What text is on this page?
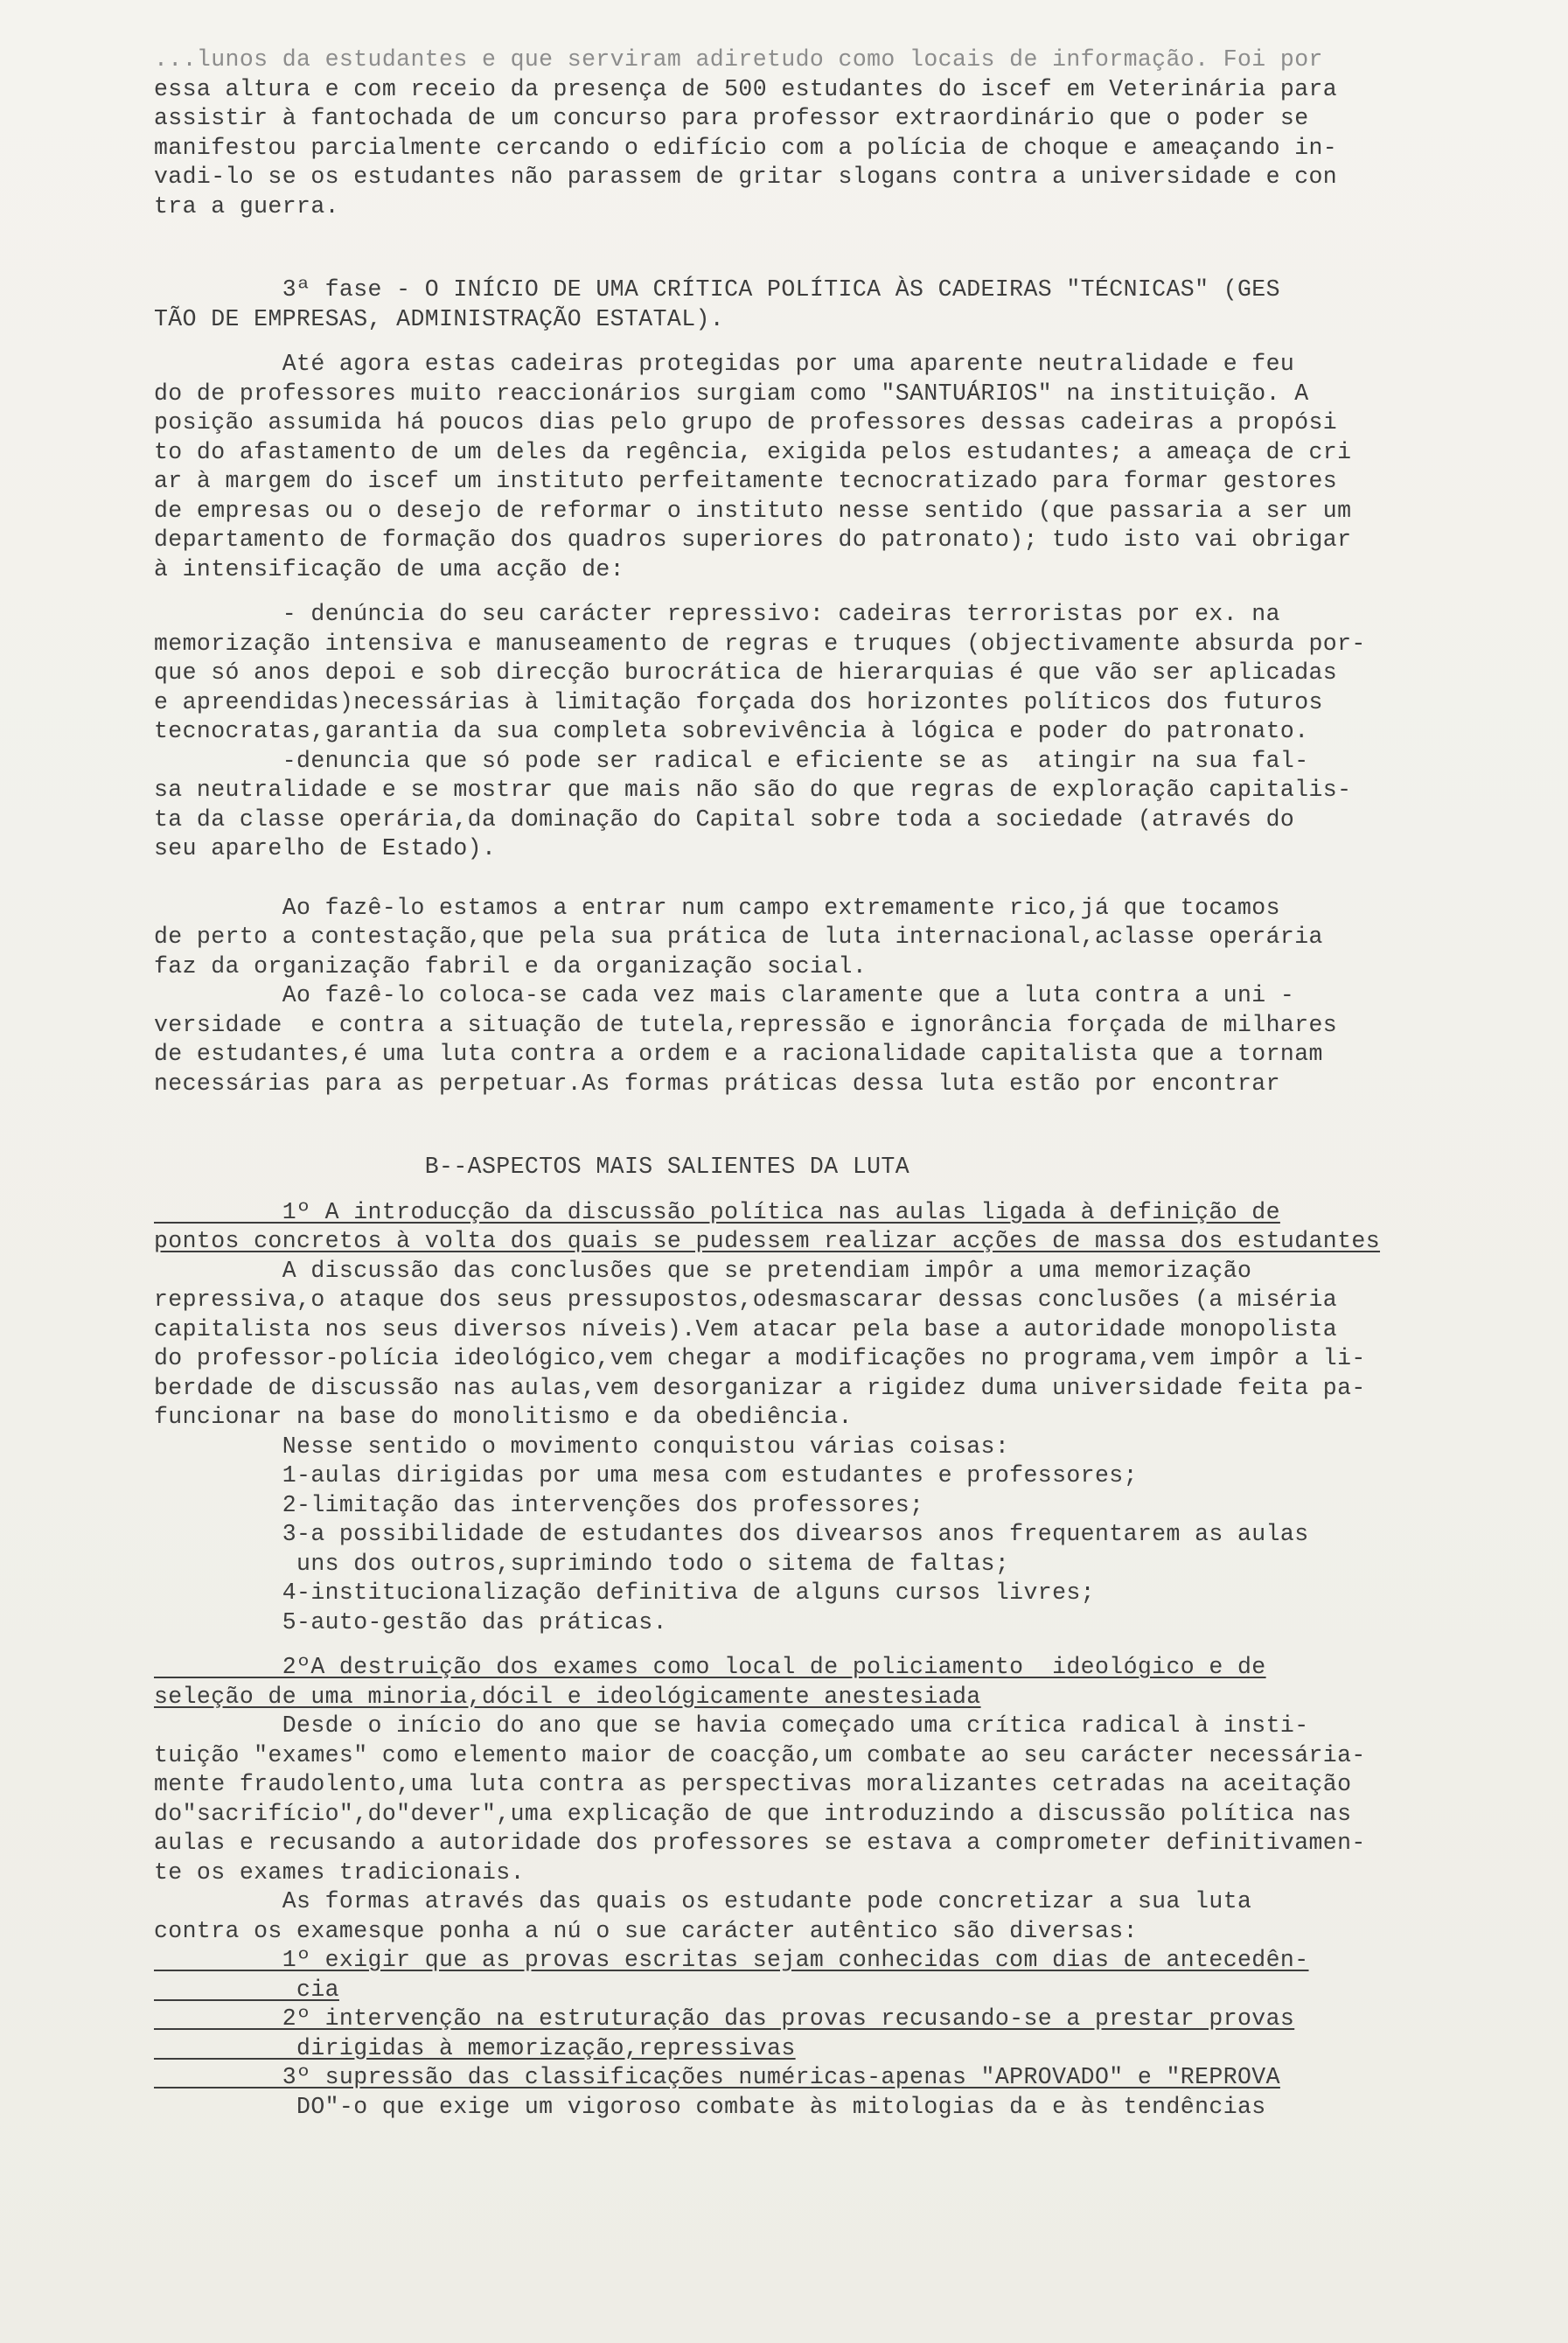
...lunos da estudantes e que serviram adiretudo como locais de informação. Foi por
essa altura e com receio da presença de 500 estudantes do iscef em Veterinária para
assistir à fantochada de um concurso para professor extraordinário que o poder se
manifestou parcialmente cercando o edifício com a polícia de choque e ameaçando in-
vadi-lo se os estudantes não parassem de gritar slogans contra a universidade e con
tra a guerra.
3ª fase - O INÍCIO DE UMA CRÍTICA POLÍTICA ÀS CADEIRAS "TÉCNICAS" (GES
TÃO DE EMPRESAS, ADMINISTRAÇÃO ESTATAL).
Até agora estas cadeiras protegidas por uma aparente neutralidade e feu
do de professores muito reaccionários surgiam como "SANTUÁRIOS" na instituição. A
posição assumida há poucos dias pelo grupo de professores dessas cadeiras a propósi
to do afastamento de um deles da regência, exigida pelos estudantes; a ameaça de cri
ar à margem do iscef um instituto perfeitamente tecnocratizado para formar gestores
de empresas ou o desejo de reformar o instituto nesse sentido (que passaria a ser um
departamento de formação dos quadros superiores do patronato); tudo isto vai obrigar
à intensificação de uma acção de:
- denúncia do seu carácter repressivo: cadeiras terroristas por ex. na
memorização intensiva e manuseamento de regras e truques (objectivamente absurda por-
que só anos depoi e sob direcção burocrática de hierarquias é que vão ser aplicadas
e apreendidas)necessárias à limitação forçada dos horizontes políticos dos futuros
tecnocratas,garantia da sua completa sobrevivência à lógica e poder do patronato.
-denuncia que só pode ser radical e eficiente se as  atingir na sua fal-
sa neutralidade e se mostrar que mais não são do que regras de exploração capitalis-
ta da classe operária,da dominação do Capital sobre toda a sociedade (através do
seu aparelho de Estado).
Ao fazê-lo estamos a entrar num campo extremamente rico,já que tocamos
de perto a contestação,que pela sua prática de luta internacional,aclasse operária
faz da organização fabril e da organização social.
Ao fazê-lo coloca-se cada vez mais claramente que a luta contra a uni -
versidade  e contra a situação de tutela,repressão e ignorância forçada de milhares
de estudantes,é uma luta contra a ordem e a racionalidade capitalista que a tornam
necessárias para as perpetuar.As formas práticas dessa luta estão por encontrar
B--ASPECTOS MAIS SALIENTES DA LUTA
1º A introducção da discussão política nas aulas ligada à definição de
pontos concretos à volta dos quais se pudessem realizar acções de massa dos estudantes
A discussão das conclusões que se pretendiam impôr a uma memorização
repressiva,o ataque dos seus pressupostos,odesmascarar dessas conclusões (a miséria
capitalista nos seus diversos níveis).Vem atacar pela base a autoridade monopolista
do professor-polícia ideológico,vem chegar a modificações no programa,vem impôr a li-
berdade de discussão nas aulas,vem desorganizar a rigidez duma universidade feita pa-
funcionar na base do monolitismo e da obediência.
Nesse sentido o movimento conquistou várias coisas:
1-aulas dirigidas por uma mesa com estudantes e professores;
2-limitação das intervenções dos professores;
3-a possibilidade de estudantes dos divearsos anos frequentarem as aulas
uns dos outros,suprimindo todo o sitema de faltas;
4-institucionalização definitiva de alguns cursos livres;
5-auto-gestão das práticas.
2ºA destruição dos exames como local de policiamento  ideológico e de
seleção de uma minoria,dócil e ideológicamente anestesiada
Desde o início do ano que se havia começado uma crítica radical à insti-
tuição "exames" como elemento maior de coacção,um combate ao seu carácter necessária-
mente fraudolento,uma luta contra as perspectivas moralizantes cetradas na aceitação
do"sacrifício",do"dever",uma explicação de que introduzindo a discussão política nas
aulas e recusando a autoridade dos professores se estava a comprometer definitivamen-
te os exames tradicionais.
As formas através das quais os estudante pode concretizar a sua luta
contra os examesque ponha a nú o sue carácter autêntico são diversas:
1º exigir que as provas escritas sejam conhecidas com dias de antecedên-
cia
2º intervenção na estruturação das provas recusando-se a prestar provas
dirigidas à memorização,repressivas
3º supressão das classificações numéricas-apenas "APROVADO" e "REPROVA
DO"-o que exige um vigoroso combate às mitologias da e às tendências
